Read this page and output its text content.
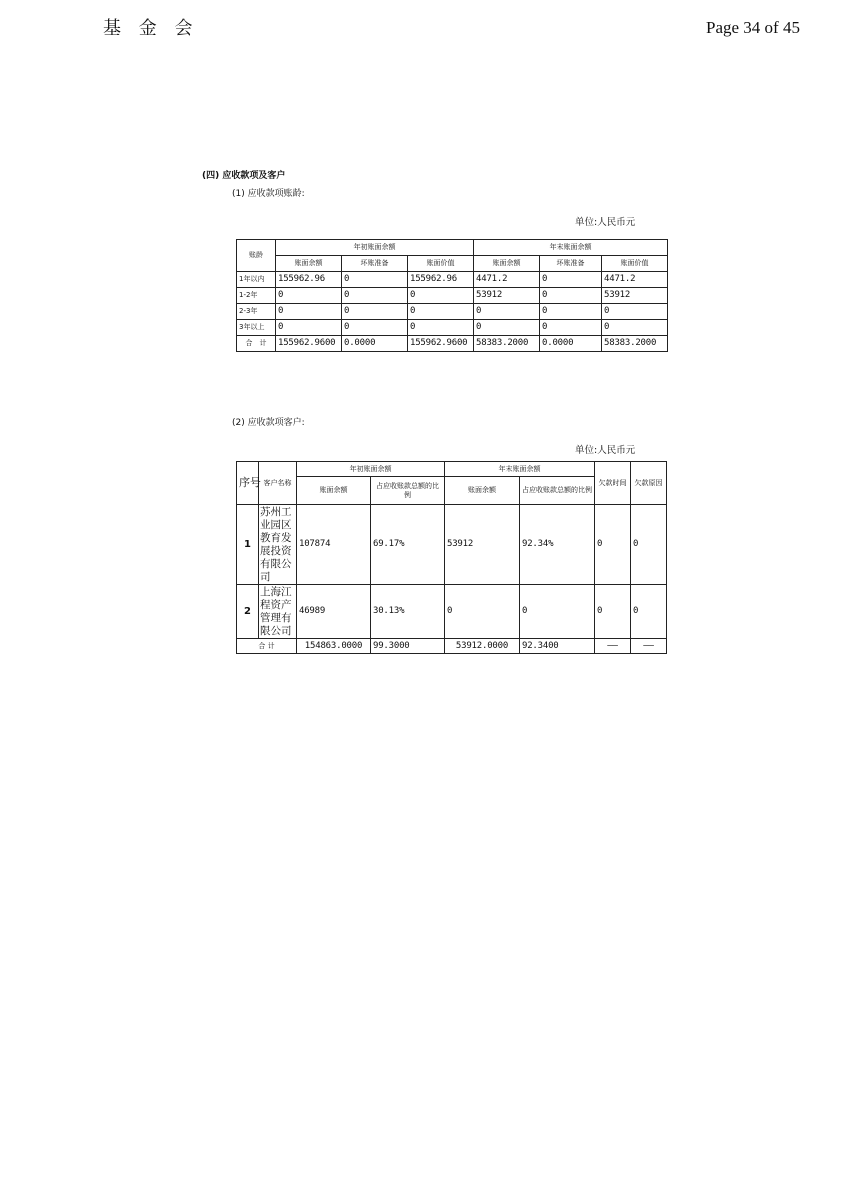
基 金 会	Page 34 of 45
(四) 应收款项及客户
(1) 应收款项账龄:
单位:人民币元
账龄	年初账面余额			年末账面余额		
	账面余额	坏账准备	账面价值	账面余额	坏账准备	账面价值
1年以内	155962.96	0	155962.96	4471.2	0	4471.2
1-2年	0	0	0	53912	0	53912
2-3年	0	0	0	0	0	0
3年以上	0	0	0	0	0	0
合　计	155962.9600	0.0000	155962.9600	58383.2000	0.0000	58383.2000
(2) 应收款项客户:
单位:人民币元
序号	客户名称	年初账面余额		年末账面余额		欠款时间	欠款原因
		账面余额	占应收账款总额的比例	账面余额	占应收账款总额的比例		
1	苏州工业园区教育发展投资有限公司	107874	69.17%	53912	92.34%	0	0
2	上海江程资产管理有限公司	46989	30.13%	0	0	0	0
合 计		154863.0000	99.3000	53912.0000	92.3400	——	——
